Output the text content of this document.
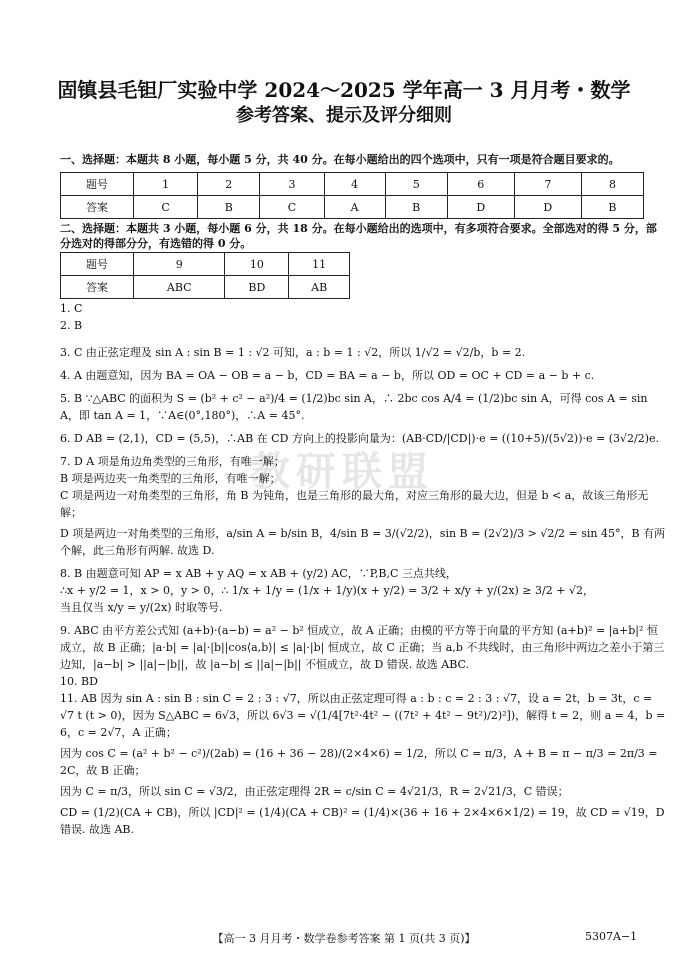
固镇县毛钽厂实验中学 2024～2025 学年高一 3 月月考・数学
参考答案、提示及评分细则
一、选择题：本题共 8 小题，每小题 5 分，共 40 分。在每小题给出的四个选项中，只有一项是符合题目要求的。
题号	1	2	3	4	5	6	7	8
答案	C	B	C	A	B	D	D	B
二、选择题：本题共 3 小题，每小题 6 分，共 18 分。在每小题给出的选项中，有多项符合要求。全部选对的得 5 分，部分选对的得部分分，有选错的得 0 分。
题号	9	10	11
答案	ABC	BD	AB
教研联盟

1. C

2. B

3. C 由正弦定理及 sin A : sin B = 1 : √2 可知，a : b = 1 : √2，所以 1/√2 = √2/b，b = 2.

4. A 由题意知，因为 BA = OA − OB = a − b，CD = BA = a − b，所以 OD = OC + CD = a − b + c.

5. B ∵△ABC 的面积为 S = (b² + c² − a²)/4 = (1/2)bc sin A，∴ 2bc cos A/4 = (1/2)bc sin A，可得 cos A = sin A，即 tan A = 1，∵A∈(0°,180°)，∴A = 45°.

6. D AB = (2,1)，CD = (5,5)，∴AB 在 CD 方向上的投影向量为：(AB·CD/|CD|)·e = ((10+5)/(5√2))·e = (3√2/2)e.

7. D A 项是角边角类型的三角形，有唯一解；

B 项是两边夹一角类型的三角形，有唯一解；

C 项是两边一对角类型的三角形，角 B 为钝角，也是三角形的最大角，对应三角形的最大边，但是 b < a，故该三角形无解；

D 项是两边一对角类型的三角形，a/sin A = b/sin B，4/sin B = 3/(√2/2)，sin B = (2√2)/3 > √2/2 = sin 45°，B 有两个解，此三角形有两解. 故选 D.

8. B 由题意可知 AP = x AB + y AQ = x AB + (y/2) AC，∵P,B,C 三点共线，

∴x + y/2 = 1，x > 0，y > 0，∴ 1/x + 1/y = (1/x + 1/y)(x + y/2) = 3/2 + x/y + y/(2x) ≥ 3/2 + √2，

当且仅当 x/y = y/(2x) 时取等号.

9. ABC 由平方差公式知 (a+b)·(a−b) = a² − b² 恒成立，故 A 正确；由模的平方等于向量的平方知 (a+b)² = |a+b|² 恒成立，故 B 正确；|a·b| = |a|·|b||cos⟨a,b⟩| ≤ |a|·|b| 恒成立，故 C 正确；当 a,b 不共线时，由三角形中两边之差小于第三边知，|a−b| > ||a|−|b||，故 |a−b| ≤ ||a|−|b|| 不恒成立，故 D 错误. 故选 ABC.

10. BD

11. AB 因为 sin A : sin B : sin C = 2 : 3 : √7，所以由正弦定理可得 a : b : c = 2 : 3 : √7，设 a = 2t，b = 3t，c = √7 t (t > 0)，因为 S△ABC = 6√3，所以 6√3 = √(1/4[7t²·4t² − ((7t² + 4t² − 9t²)/2)²])，解得 t = 2，则 a = 4，b = 6，c = 2√7，A 正确；

因为 cos C = (a² + b² − c²)/(2ab) = (16 + 36 − 28)/(2×4×6) = 1/2，所以 C = π/3，A + B = π − π/3 = 2π/3 = 2C，故 B 正确；

因为 C = π/3，所以 sin C = √3/2，由正弦定理得 2R = c/sin C = 4√21/3，R = 2√21/3，C 错误；

CD = (1/2)(CA + CB)，所以 |CD|² = (1/4)(CA + CB)² = (1/4)×(36 + 16 + 2×4×6×1/2) = 19，故 CD = √19，D 错误. 故选 AB.

【高一 3 月月考・数学卷参考答案 第 1 页(共 3 页)】	5307A−1
